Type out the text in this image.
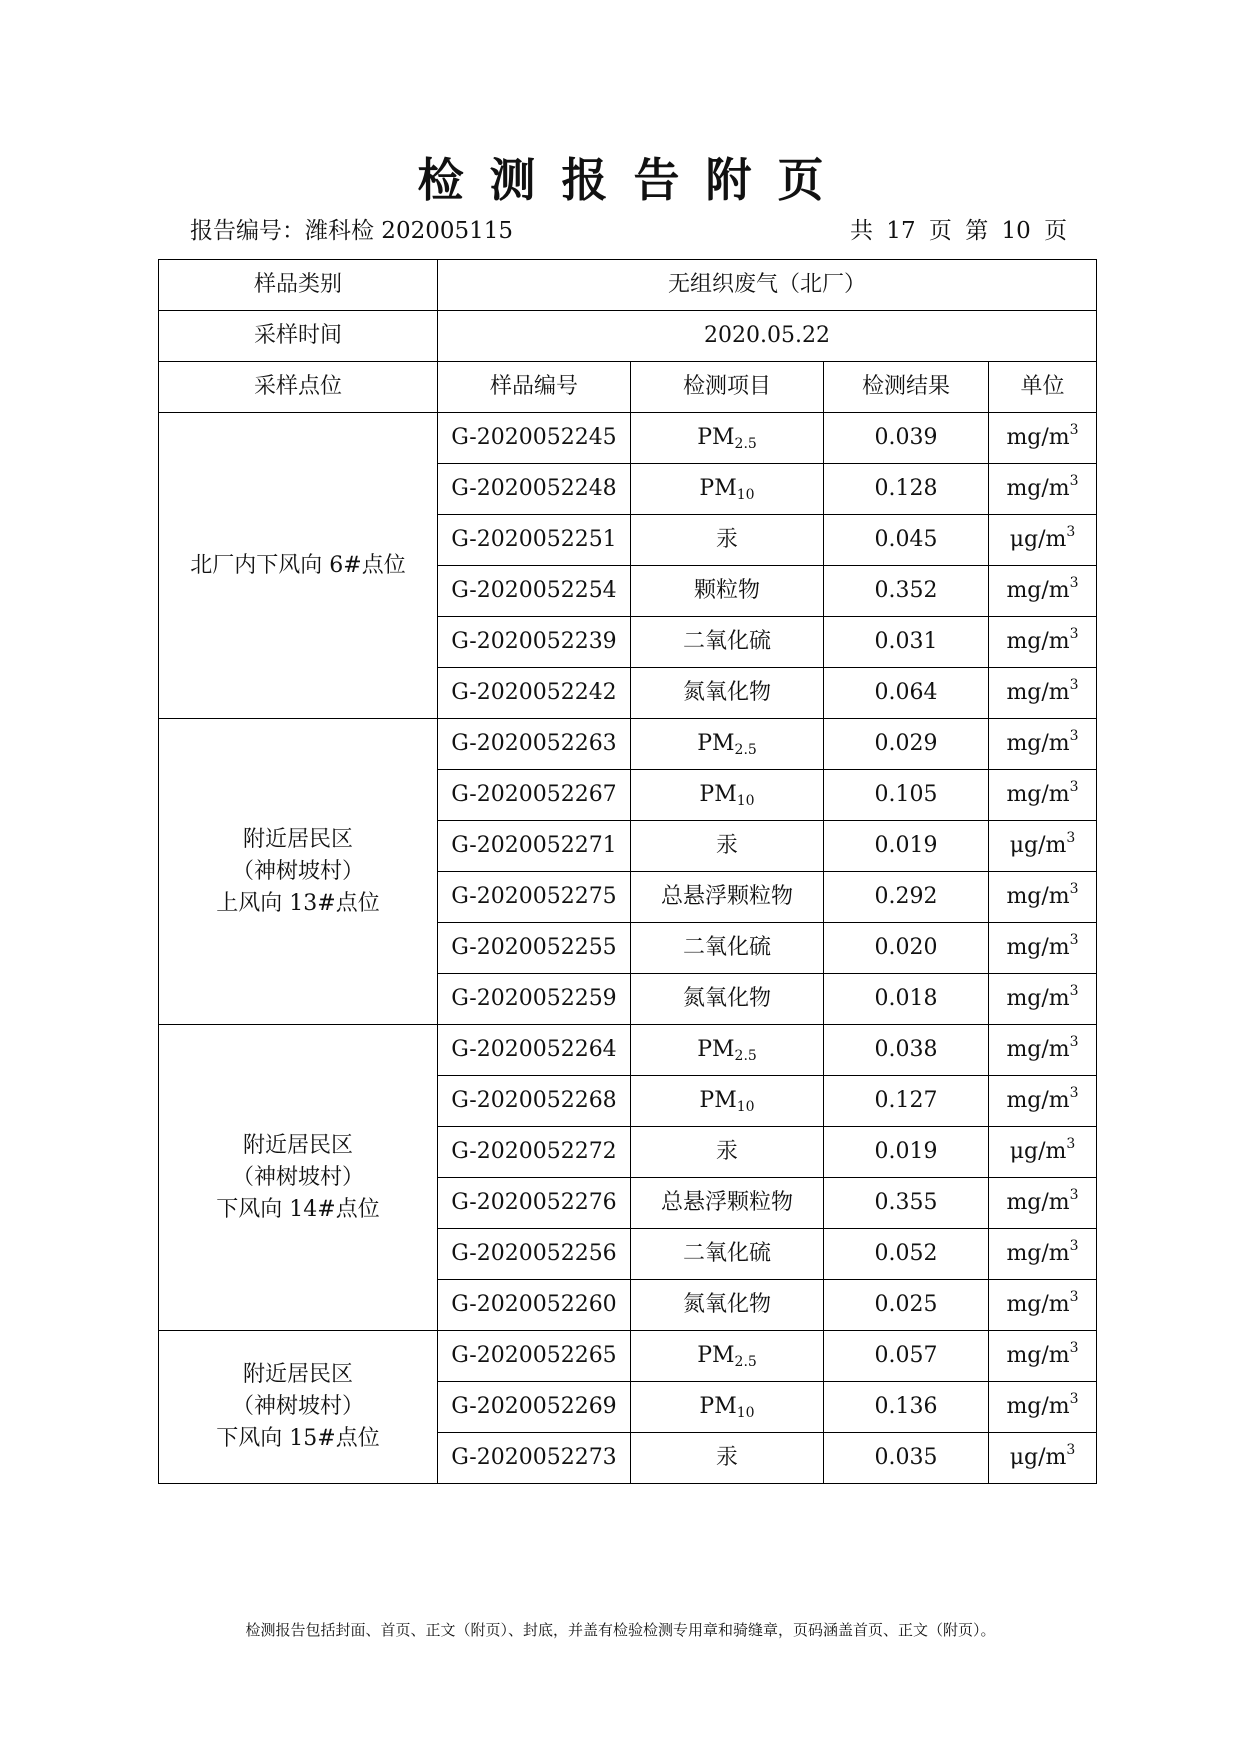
检测报告附页
报告编号：潍科检 202005115	共 17 页 第 10 页
样品类别	无组织废气（北厂）			
采样时间	2020.05.22			
采样点位	样品编号	检测项目	检测结果	单位
北厂内下风向 6#点位	G-2020052245	$PM_{2.5}$	0.039	$mg/m^3$
	G-2020052248	$PM_{10}$	0.128	$mg/m^3$
	G-2020052251	汞	0.045	$\mu g/m^3$
	G-2020052254	颗粒物	0.352	$mg/m^3$
	G-2020052239	二氧化硫	0.031	$mg/m^3$
	G-2020052242	氮氧化物	0.064	$mg/m^3$
附近居民区
（神树坡村）
上风向 13#点位	G-2020052263	$PM_{2.5}$	0.029	$mg/m^3$
	G-2020052267	$PM_{10}$	0.105	$mg/m^3$
	G-2020052271	汞	0.019	$\mu g/m^3$
	G-2020052275	总悬浮颗粒物	0.292	$mg/m^3$
	G-2020052255	二氧化硫	0.020	$mg/m^3$
	G-2020052259	氮氧化物	0.018	$mg/m^3$
附近居民区
（神树坡村）
下风向 14#点位	G-2020052264	$PM_{2.5}$	0.038	$mg/m^3$
	G-2020052268	$PM_{10}$	0.127	$mg/m^3$
	G-2020052272	汞	0.019	$\mu g/m^3$
	G-2020052276	总悬浮颗粒物	0.355	$mg/m^3$
	G-2020052256	二氧化硫	0.052	$mg/m^3$
	G-2020052260	氮氧化物	0.025	$mg/m^3$
附近居民区
（神树坡村）
下风向 15#点位	G-2020052265	$PM_{2.5}$	0.057	$mg/m^3$
	G-2020052269	$PM_{10}$	0.136	$mg/m^3$
	G-2020052273	汞	0.035	$\mu g/m^3$
检测报告包括封面、首页、正文（附页）、封底，并盖有检验检测专用章和骑缝章，页码涵盖首页、正文（附页）。
